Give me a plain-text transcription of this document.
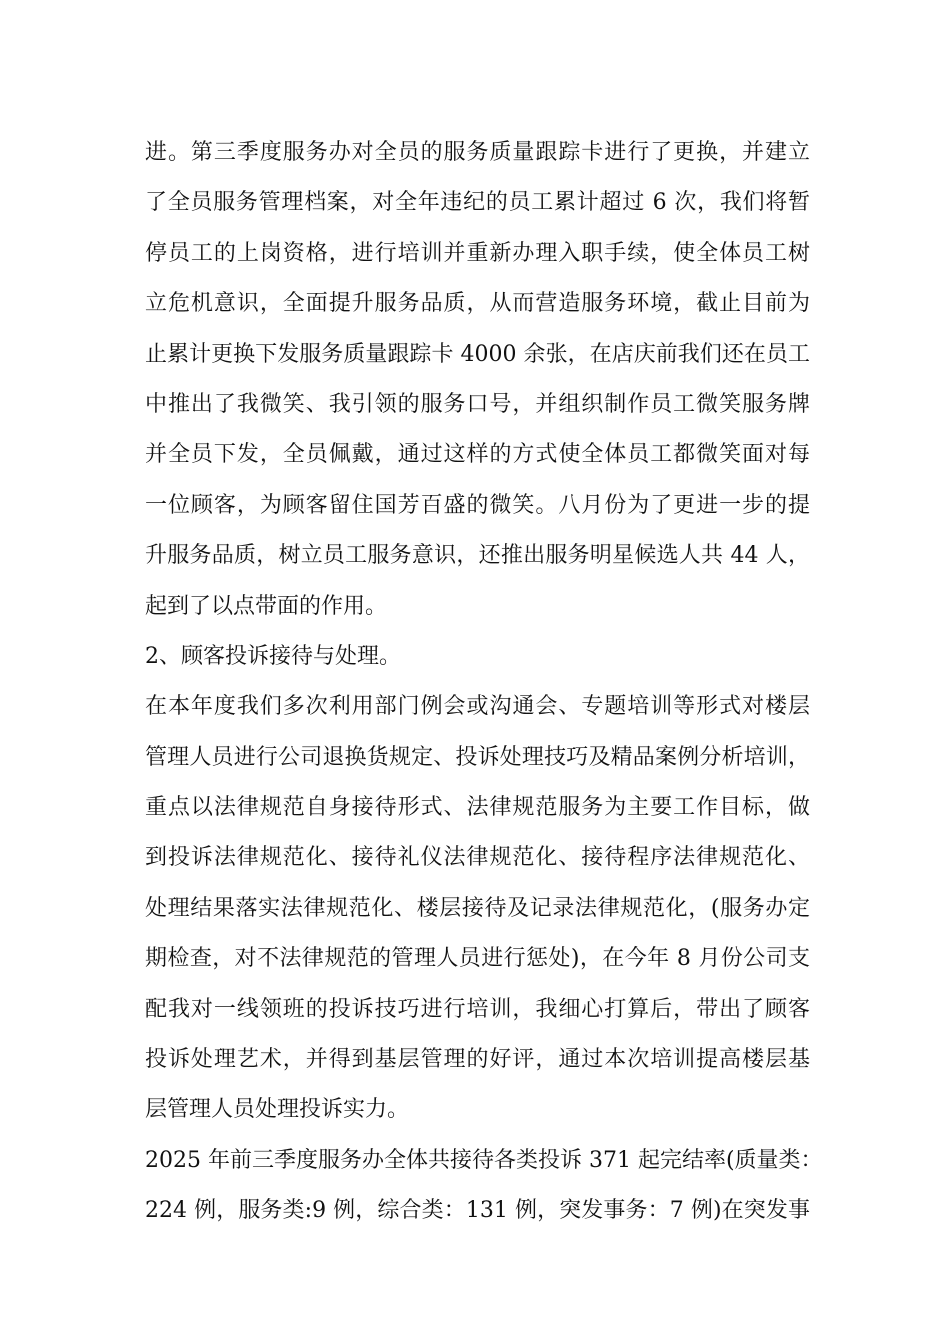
进。第三季度服务办对全员的服务质量跟踪卡进行了更换，并建立
了全员服务管理档案，对全年违纪的员工累计超过 6 次，我们将暂
停员工的上岗资格，进行培训并重新办理入职手续，使全体员工树
立危机意识，全面提升服务品质，从而营造服务环境，截止目前为
止累计更换下发服务质量跟踪卡 4000 余张，在店庆前我们还在员工
中推出了我微笑、我引领的服务口号，并组织制作员工微笑服务牌
并全员下发，全员佩戴，通过这样的方式使全体员工都微笑面对每
一位顾客，为顾客留住国芳百盛的微笑。八月份为了更进一步的提
升服务品质，树立员工服务意识，还推出服务明星候选人共 44 人，
起到了以点带面的作用。
2、顾客投诉接待与处理。
在本年度我们多次利用部门例会或沟通会、专题培训等形式对楼层
管理人员进行公司退换货规定、投诉处理技巧及精品案例分析培训，
重点以法律规范自身接待形式、法律规范服务为主要工作目标，做
到投诉法律规范化、接待礼仪法律规范化、接待程序法律规范化、
处理结果落实法律规范化、楼层接待及记录法律规范化，(服务办定
期检查，对不法律规范的管理人员进行惩处)，在今年 8 月份公司支
配我对一线领班的投诉技巧进行培训，我细心打算后，带出了顾客
投诉处理艺术，并得到基层管理的好评，通过本次培训提高楼层基
层管理人员处理投诉实力。
2025 年前三季度服务办全体共接待各类投诉 371 起完结率(质量类：
224 例，服务类:9 例，综合类：131 例，突发事务：7 例)在突发事
